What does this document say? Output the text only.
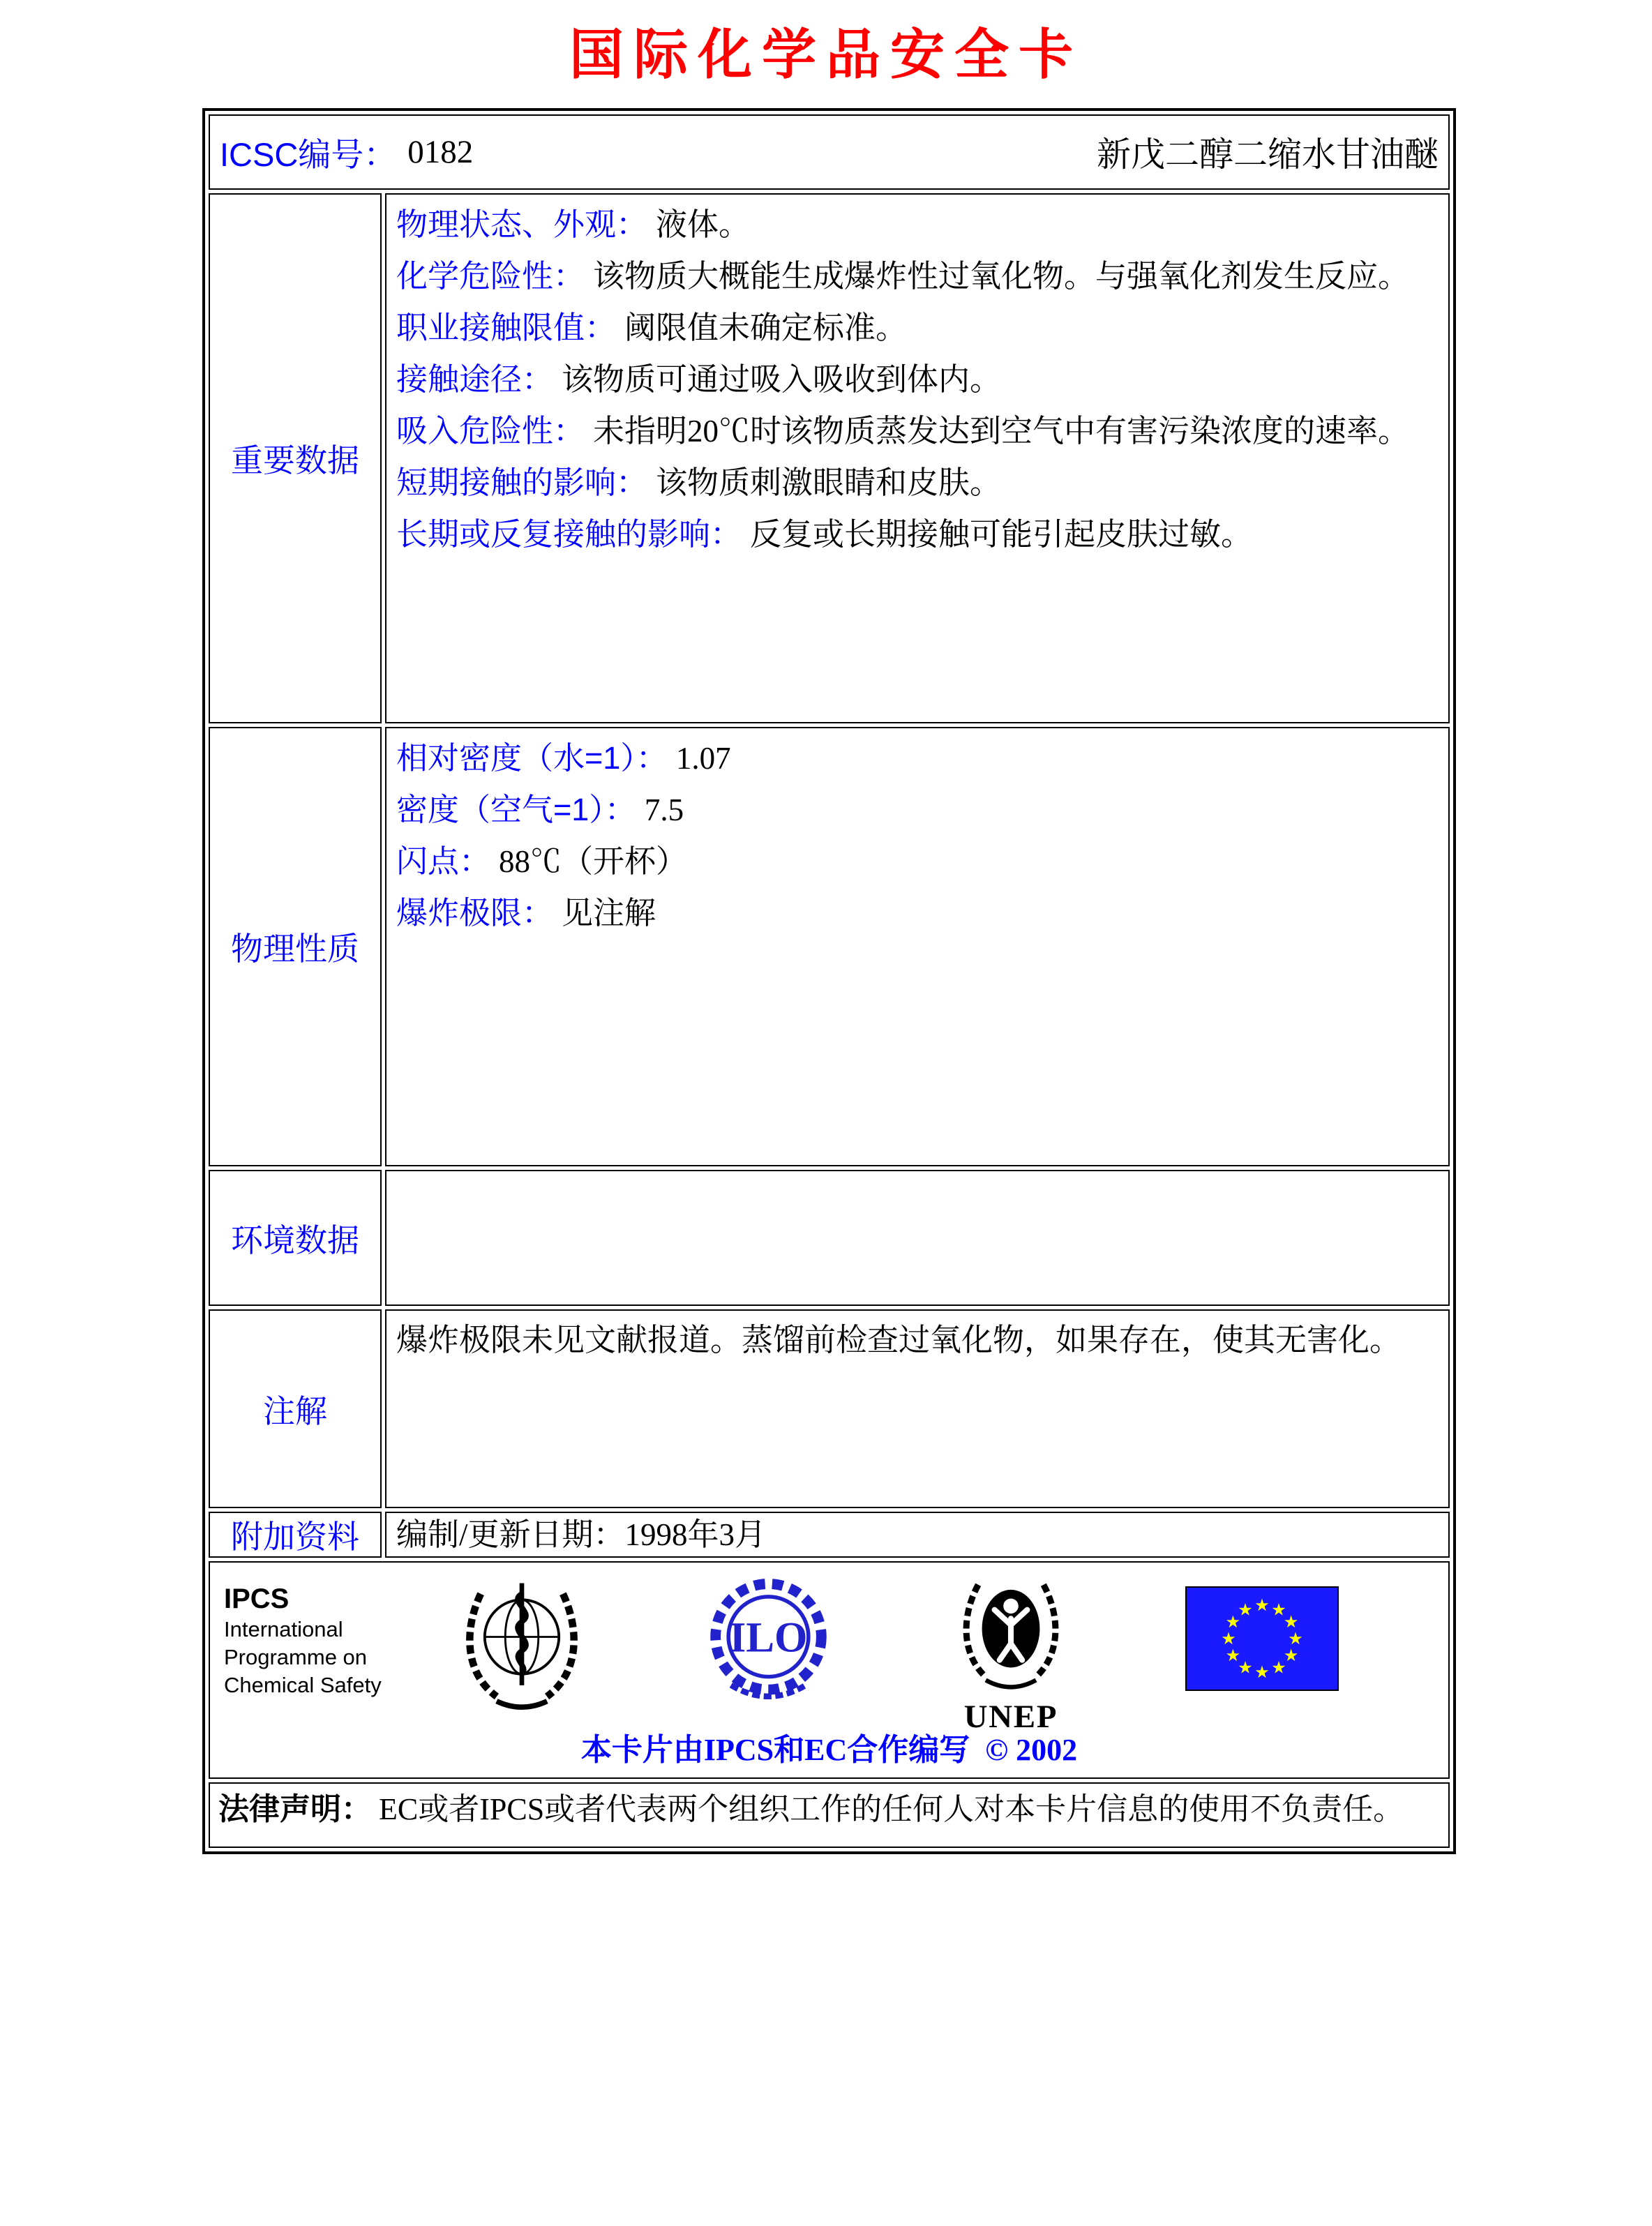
国际化学品安全卡
ICSC编号： 0182	新戊二醇二缩水甘油醚
重要数据

物理状态、外观： 液体。

化学危险性： 该物质大概能生成爆炸性过氧化物。与强氧化剂发生反应。

职业接触限值： 阈限值未确定标准。

接触途径： 该物质可通过吸入吸收到体内。

吸入危险性： 未指明20℃时该物质蒸发达到空气中有害污染浓度的速率。

短期接触的影响： 该物质刺激眼睛和皮肤。

长期或反复接触的影响： 反复或长期接触可能引起皮肤过敏。

物理性质

相对密度（水=1）： 1.07

密度（空气=1）： 7.5

闪点： 88℃（开杯）

爆炸极限： 见注解

环境数据
注解

爆炸极限未见文献报道。蒸馏前检查过氧化物，如果存在，使其无害化。

附加资料	编制/更新日期：1998年3月
IPCS
International
Programme on
Chemical Safety
ILO
UNEP
★
★
★
★
★
★
★
★
★ ★ ★
★
本卡片由IPCS和EC合作编写 © 2002
法律声明： EC或者IPCS或者代表两个组织工作的任何人对本卡片信息的使用不负责任。
